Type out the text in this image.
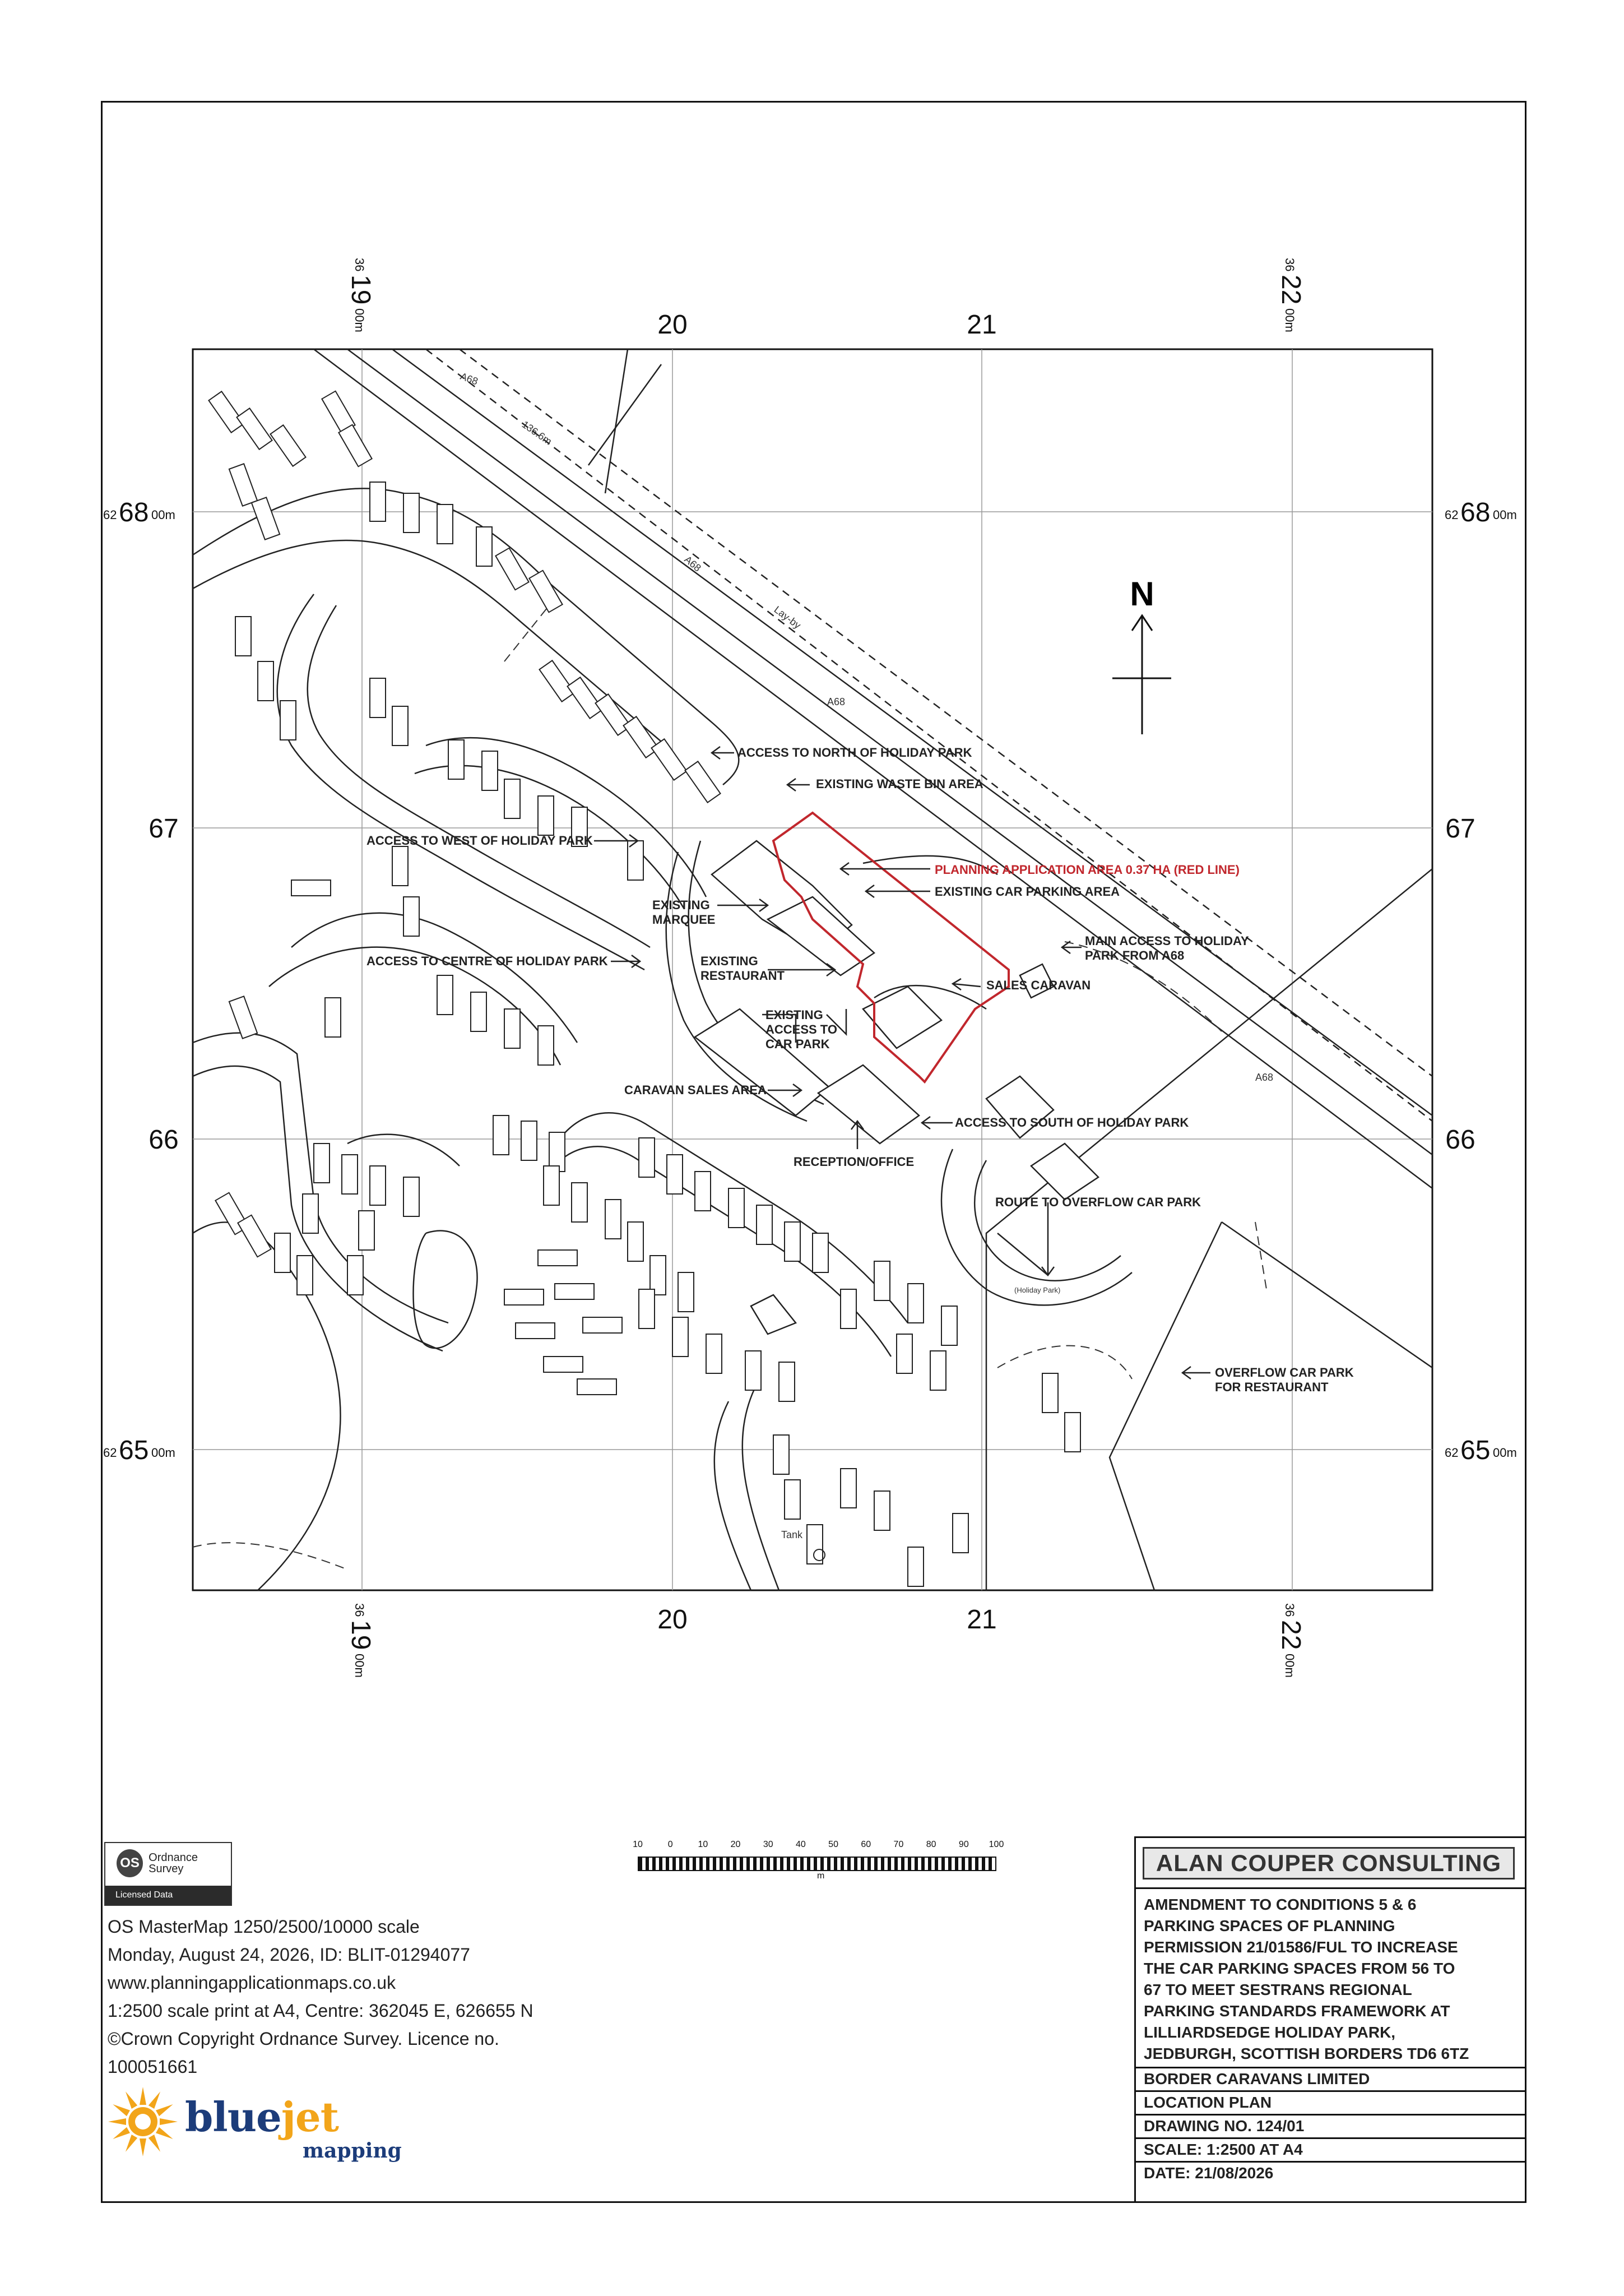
N
20	21
20	21
36
19
00m
36
22
00m
36
19
00m
36
22
00m
62 68 00m
67
66
62 65 00m
62 68 00m
67
66
62 65 00m
A68
136.6m
A68
Lay-by
A68
A68
Tank
(Holiday Park)
ACCESS TO NORTH OF HOLIDAY PARK
EXISTING WASTE BIN AREA
ACCESS TO WEST OF HOLIDAY PARK
PLANNING APPLICATION AREA 0.37 HA (RED LINE)
EXISTING CAR PARKING AREA
EXISTING
MARQUEE
MAIN ACCESS TO HOLIDAY
PARK FROM A68
ACCESS TO CENTRE OF HOLIDAY PARK	EXISTING
RESTAURANT
SALES CARAVAN
EXISTING
ACCESS TO
CAR PARK
CARAVAN SALES AREA
ACCESS TO SOUTH OF HOLIDAY PARK
RECEPTION/OFFICE
ROUTE TO OVERFLOW CAR PARK
OVERFLOW CAR PARK
FOR RESTAURANT
OS Ordnance Survey
Licensed Data
OS MasterMap 1250/2500/10000 scale
Monday, August 24, 2026, ID: BLIT-01294077
www.planningapplicationmaps.co.uk
1:2500 scale print at A4, Centre: 362045 E, 626655 N
©Crown Copyright Ordnance Survey. Licence no.
100051661
bluejet
mapping
10	0	10	20	30	40	50	60	70	80	90 100
m	ALAN COUPER CONSULTING
AMENDMENT TO CONDITIONS 5 & 6
PARKING SPACES OF PLANNING
PERMISSION 21/01586/FUL TO INCREASE
THE CAR PARKING SPACES FROM 56 TO
67 TO MEET SESTRANS REGIONAL
PARKING STANDARDS FRAMEWORK AT
LILLIARDSEDGE HOLIDAY PARK,
JEDBURGH, SCOTTISH BORDERS TD6 6TZ
BORDER CARAVANS LIMITED
LOCATION PLAN
DRAWING NO. 124/01
SCALE: 1:2500 AT A4
DATE: 21/08/2026
